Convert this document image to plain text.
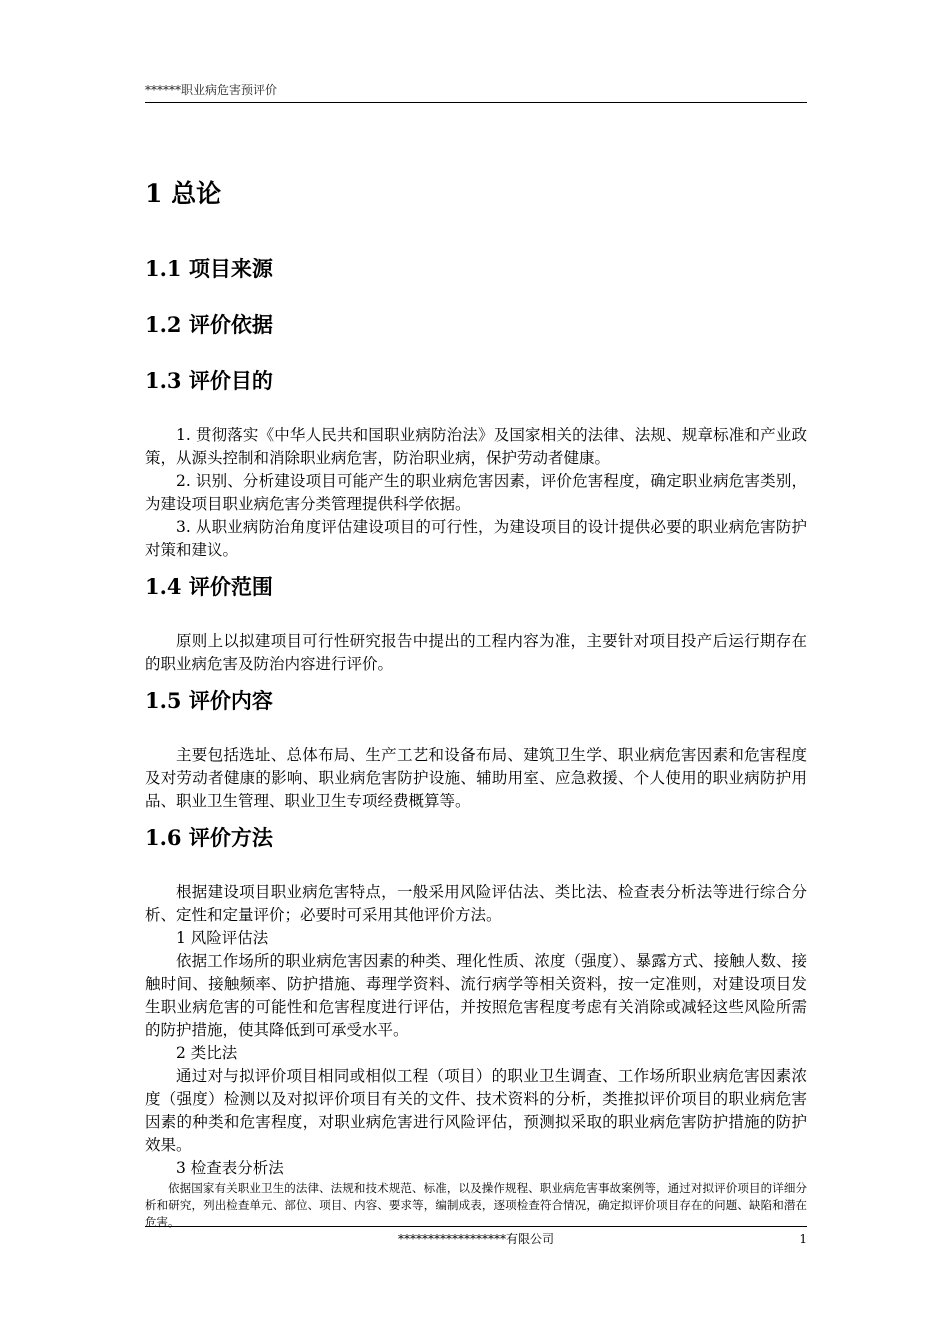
******职业病危害预评价
1 总论
1.1 项目来源
1.2 评价依据
1.3 评价目的

1. 贯彻落实《中华人民共和国职业病防治法》及国家相关的法律、法规、规章标准和产业政策，从源头控制和消除职业病危害，防治职业病，保护劳动者健康。

2. 识别、分析建设项目可能产生的职业病危害因素，评价危害程度，确定职业病危害类别，为建设项目职业病危害分类管理提供科学依据。

3. 从职业病防治角度评估建设项目的可行性，为建设项目的设计提供必要的职业病危害防护对策和建议。

1.4 评价范围

原则上以拟建项目可行性研究报告中提出的工程内容为准，主要针对项目投产后运行期存在的职业病危害及防治内容进行评价。

1.5 评价内容

主要包括选址、总体布局、生产工艺和设备布局、建筑卫生学、职业病危害因素和危害程度及对劳动者健康的影响、职业病危害防护设施、辅助用室、应急救援、个人使用的职业病防护用品、职业卫生管理、职业卫生专项经费概算等。

1.6 评价方法

根据建设项目职业病危害特点，一般采用风险评估法、类比法、检查表分析法等进行综合分析、定性和定量评价；必要时可采用其他评价方法。

1 风险评估法

依据工作场所的职业病危害因素的种类、理化性质、浓度（强度）、暴露方式、接触人数、接触时间、接触频率、防护措施、毒理学资料、流行病学等相关资料，按一定准则，对建设项目发生职业病危害的可能性和危害程度进行评估，并按照危害程度考虑有关消除或减轻这些风险所需的防护措施，使其降低到可承受水平。

2 类比法

通过对与拟评价项目相同或相似工程（项目）的职业卫生调查、工作场所职业病危害因素浓度（强度）检测以及对拟评价项目有关的文件、技术资料的分析，类推拟评价项目的职业病危害因素的种类和危害程度，对职业病危害进行风险评估，预测拟采取的职业病危害防护措施的防护效果。

3 检查表分析法

依据国家有关职业卫生的法律、法规和技术规范、标准，以及操作规程、职业病危害事故案例等，通过对拟评价项目的详细分析和研究，列出检查单元、部位、项目、内容、要求等，编制成表，逐项检查符合情况，确定拟评价项目存在的问题、缺陷和潜在危害。

******************有限公司	1
